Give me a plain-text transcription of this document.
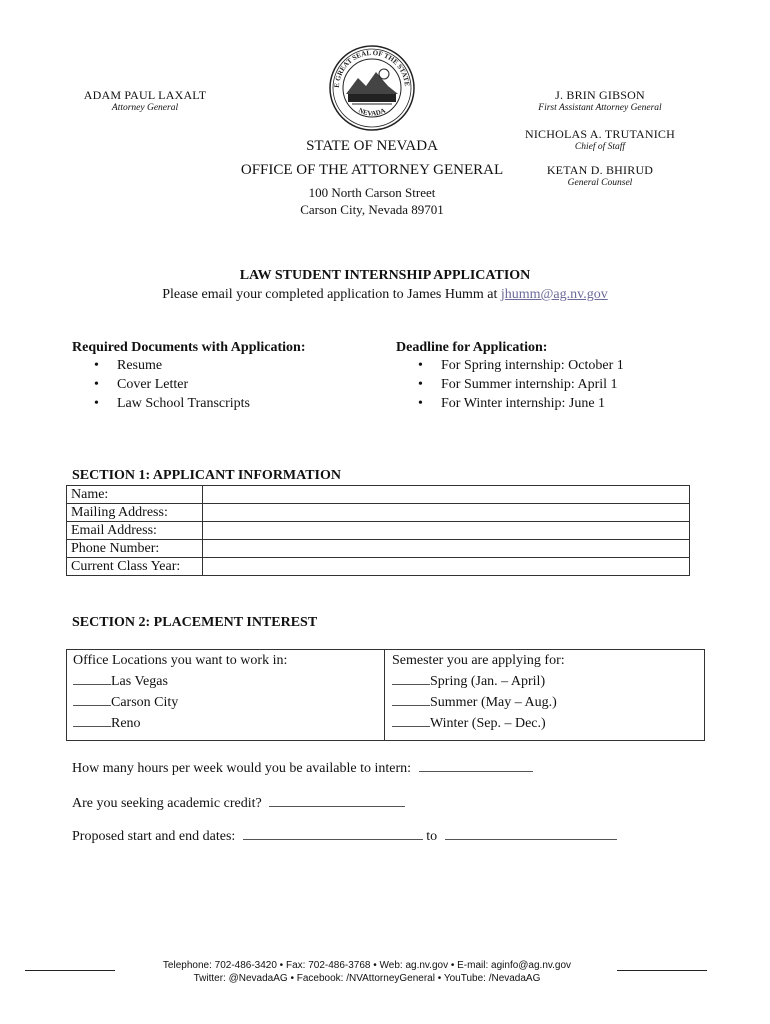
ADAM PAUL LAXALT
Attorney General
E GREAT SEAL OF THE STATE
NEVADA
J. BRIN GIBSON
First Assistant Attorney General
NICHOLAS A. TRUTANICH
Chief of Staff
KETAN D. BHIRUD
General Counsel
STATE OF NEVADA
OFFICE OF THE ATTORNEY GENERAL
100 North Carson Street
Carson City, Nevada 89701
LAW STUDENT INTERNSHIP APPLICATION
Please email your completed application to James Humm at jhumm@ag.nv.gov
Required Documents with Application:
• Resume
• Cover Letter
• Law School Transcripts
Deadline for Application:
• For Spring internship: October 1
• For Summer internship: April 1
• For Winter internship: June 1
SECTION 1: APPLICANT INFORMATION
Name:	
Mailing Address:	
Email Address:	
Phone Number:	
Current Class Year:	
SECTION 2: PLACEMENT INTEREST
Office Locations you want to work in:
Las Vegas
Carson City
Reno
Semester you are applying for:
Spring (Jan. – April)
Summer (May – Aug.)
Winter (Sep. – Dec.)
How many hours per week would you be available to intern:
Are you seeking academic credit?
Proposed start and end dates:	to
Telephone: 702-486-3420 • Fax: 702-486-3768 • Web: ag.nv.gov • E-mail: aginfo@ag.nv.gov
Twitter: @NevadaAG • Facebook: /NVAttorneyGeneral • YouTube: /NevadaAG
